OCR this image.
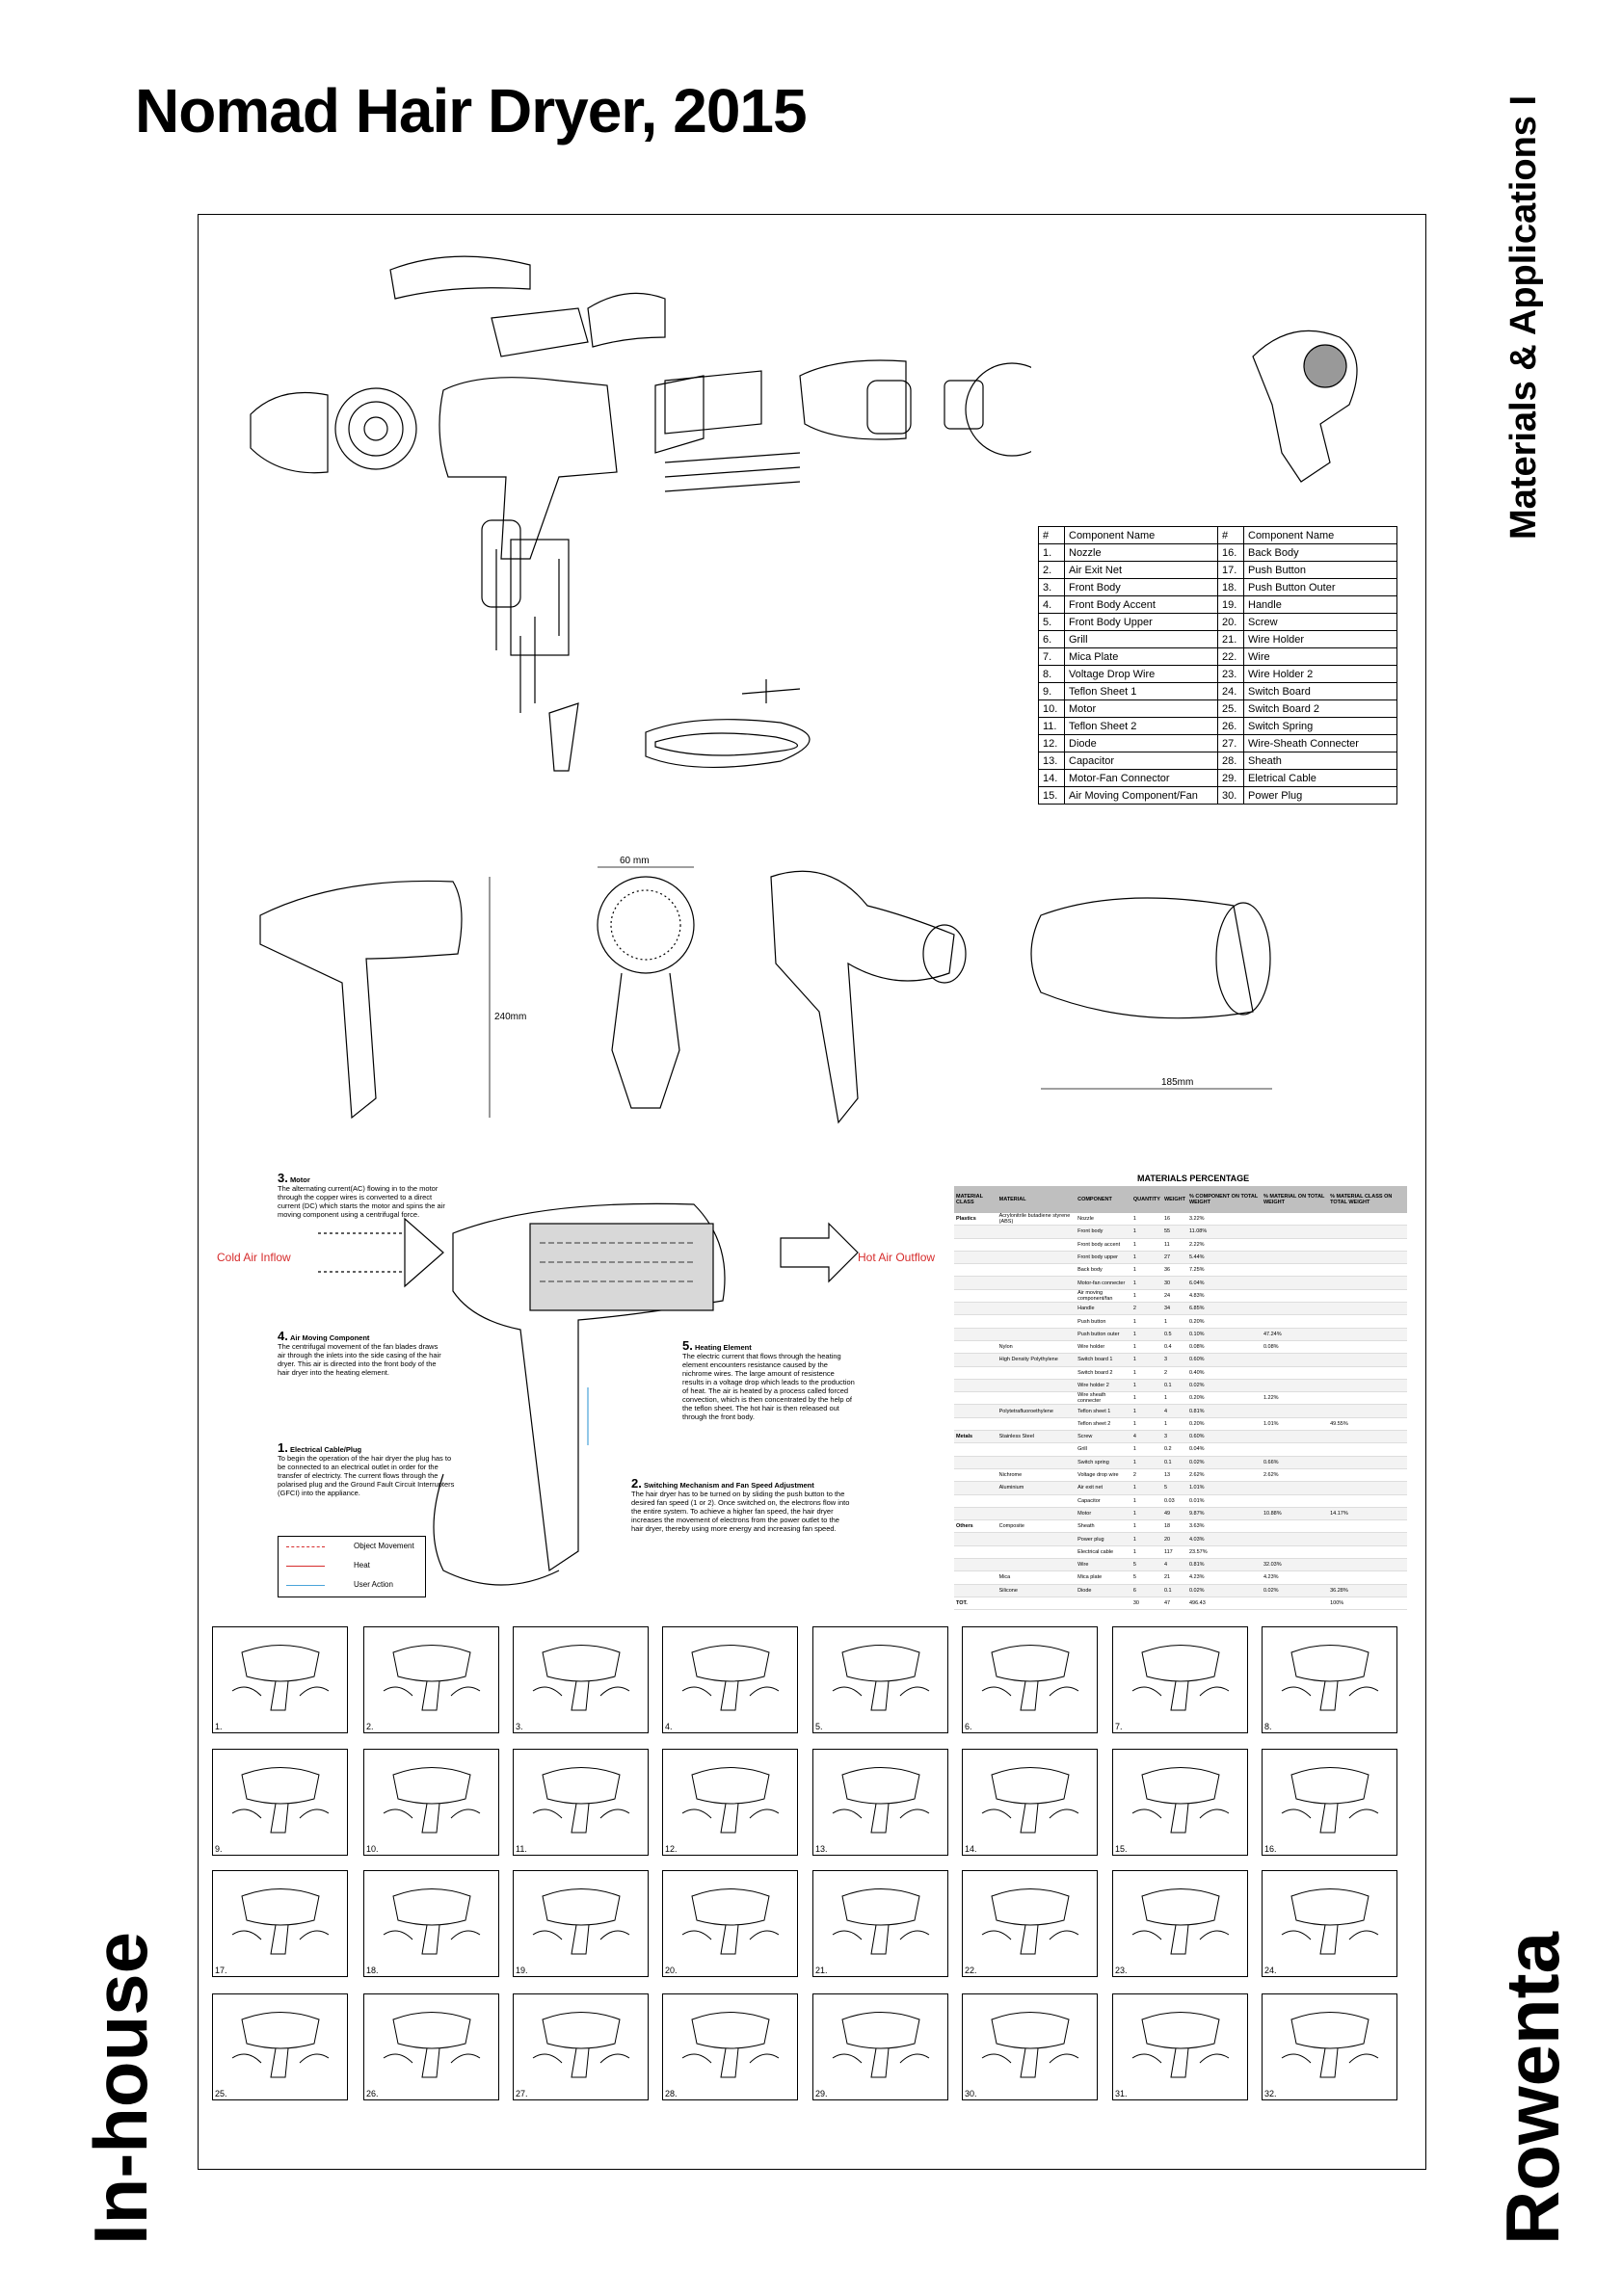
Nomad Hair Dryer, 2015	Materials & Applications I
In-house	Rowenta
#	Component Name	#	Component Name
1.	Nozzle	16.	Back Body
2.	Air Exit Net	17.	Push Button
3.	Front Body	18.	Push Button Outer
4.	Front Body Accent	19.	Handle
5.	Front Body Upper	20.	Screw
6.	Grill	21.	Wire Holder
7.	Mica Plate	22.	Wire
8.	Voltage Drop Wire	23.	Wire Holder 2
9.	Teflon Sheet 1	24.	Switch Board
10.	Motor	25.	Switch Board 2
11.	Teflon Sheet 2	26.	Switch Spring
12.	Diode	27.	Wire-Sheath Connecter
13.	Capacitor	28.	Sheath
14.	Motor-Fan Connector	29.	Eletrical Cable
15.	Air Moving Component/Fan	30.	Power Plug
60 mm
240mm
185mm
Cold Air Inflow	Hot Air Outflow
3. Motor
The alternating current(AC) flowing in to the motor through the copper wires is converted to a direct current (DC) which starts the motor and spins the air moving component using a centrifugal force.
4. Air Moving Component
The centrifugal movement of the fan blades draws air through the inlets into the side casing of the hair dryer. This air is directed into the front body of the hair dryer into the heating element.
5. Heating Element
The electric current that flows through the heating element encounters resistance caused by the nichrome wires. The large amount of resistence results in a voltage drop which leads to the production of heat. The air is heated by a process called forced convection, which is then concentrated by the help of the teflon sheet. The hot hair is then released out through the front body.
1. Electrical Cable/Plug
To begin the operation of the hair dryer the plug has to be connected to an electrical outlet in order for the transfer of electricty. The current flows through the polarised plug and the Ground Fault Circuit Interrupters (GFCI) into the appliance.
2. Switching Mechanism and Fan Speed Adjustment
The hair dryer has to be turned on by sliding the push button to the desired fan speed (1 or 2). Once switched on, the electrons flow into the entire system. To achieve a higher fan speed, the hair dryer increases the movement of electrons from the power outlet to the hair dryer, thereby using more energy and increasing fan speed.
Object Movement
Heat
User Action
MATERIALS PERCENTAGE
MATERIAL CLASS	MATERIAL	COMPONENT	QUANTITY	WEIGHT	% COMPONENT ON TOTAL WEIGHT	% MATERIAL ON TOTAL WEIGHT	% MATERIAL CLASS ON TOTAL WEIGHT
Plastics	Acrylonitrile butadiene styrene (ABS)	Nozzle	1	16	3.22%		
		Front body	1	55	11.08%		
		Front body accent	1	11	2.22%		
		Front body upper	1	27	5.44%		
		Back body	1	36	7.25%		
		Motor-fan connecter	1	30	6.04%		
		Air moving component/fan	1	24	4.83%		
		Handle	2	34	6.85%		
		Push button	1	1	0.20%		
		Push button outer	1	0.5	0.10%	47.24%	
	Nylon	Wire holder	1	0.4	0.08%	0.08%	
	High Density Polythylene	Switch board 1	1	3	0.60%		
		Switch board 2	1	2	0.40%		
		Wire holder 2	1	0.1	0.02%		
		Wire sheath connecter	1	1	0.20%	1.22%	
	Polytetrafluoroethylene	Teflon sheet 1	1	4	0.81%		
		Teflon sheet 2	1	1	0.20%	1.01%	49.55%
Metals	Stainless Steel	Screw	4	3	0.60%		
		Grill	1	0.2	0.04%		
		Switch spring	1	0.1	0.02%	0.66%	
	Nichrome	Voltage drop wire	2	13	2.62%	2.62%	
	Aluminium	Air exit net	1	5	1.01%		
		Capacitor	1	0.03	0.01%		
		Motor	1	49	9.87%	10.88%	14.17%
Others	Composite	Sheath	1	18	3.63%		
		Power plug	1	20	4.03%		
		Electrical cable	1	117	23.57%		
		Wire	5	4	0.81%	32.03%	
	Mica	Mica plate	5	21	4.23%	4.23%	
	Silicone	Diode	6	0.1	0.02%	0.02%	36.28%
TOT.			30	47	496.43		100%
1.	2.	3.	4.	5.	6.	7.	8.
9.	10.	11.	12.	13.	14.	15.	16.
17.	18.	19.	20.	21.	22.	23.	24.
25.	26.	27.	28.	29.	30.	31.	32.
